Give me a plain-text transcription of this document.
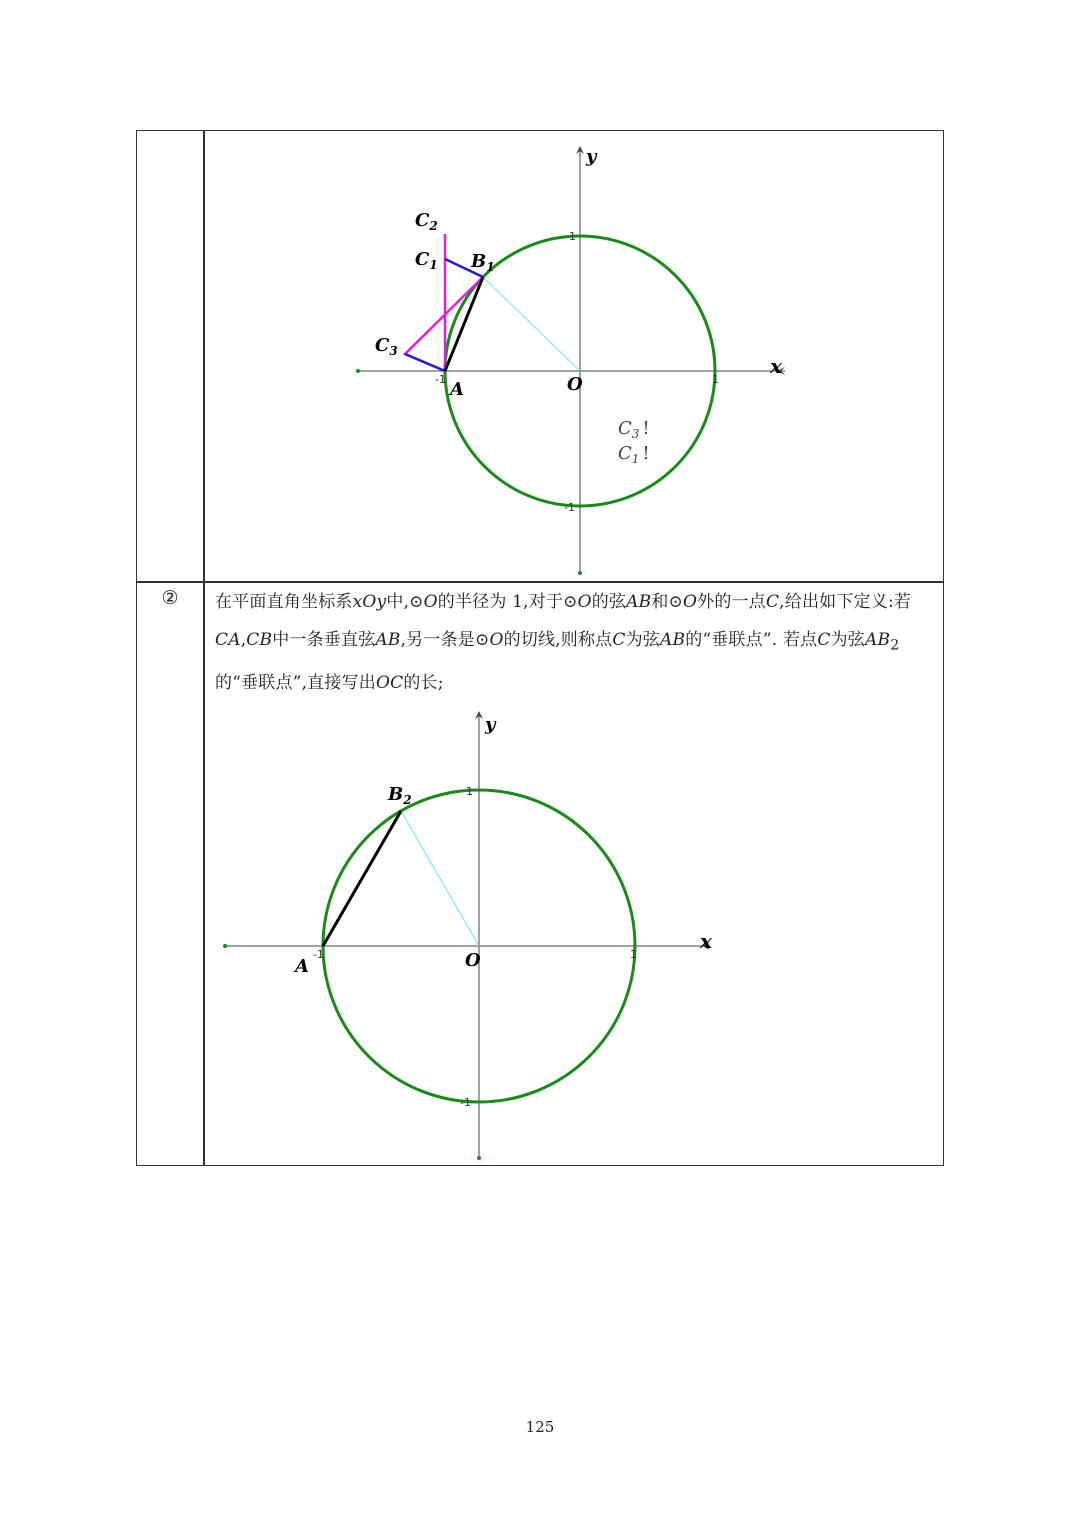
②	在平面直角坐标系xOy中,⊙O的半径为 1,对于⊙O的弦AB和⊙O外的一点C,给出如下定义:若CA,CB中一条垂直弦AB,另一条是⊙O的切线,则称点C为弦AB的“垂联点”. 若点C为弦$AB_2$的“垂联点”,直接写出OC的长;
x
y
O	1
-1
1
-1
A
$B_1$
$C_1$
$C_2$
$C_3$
$C_3$ !
$C_1$ !
x
y
O	1
-1
1
-1
A
$B_2$
125
